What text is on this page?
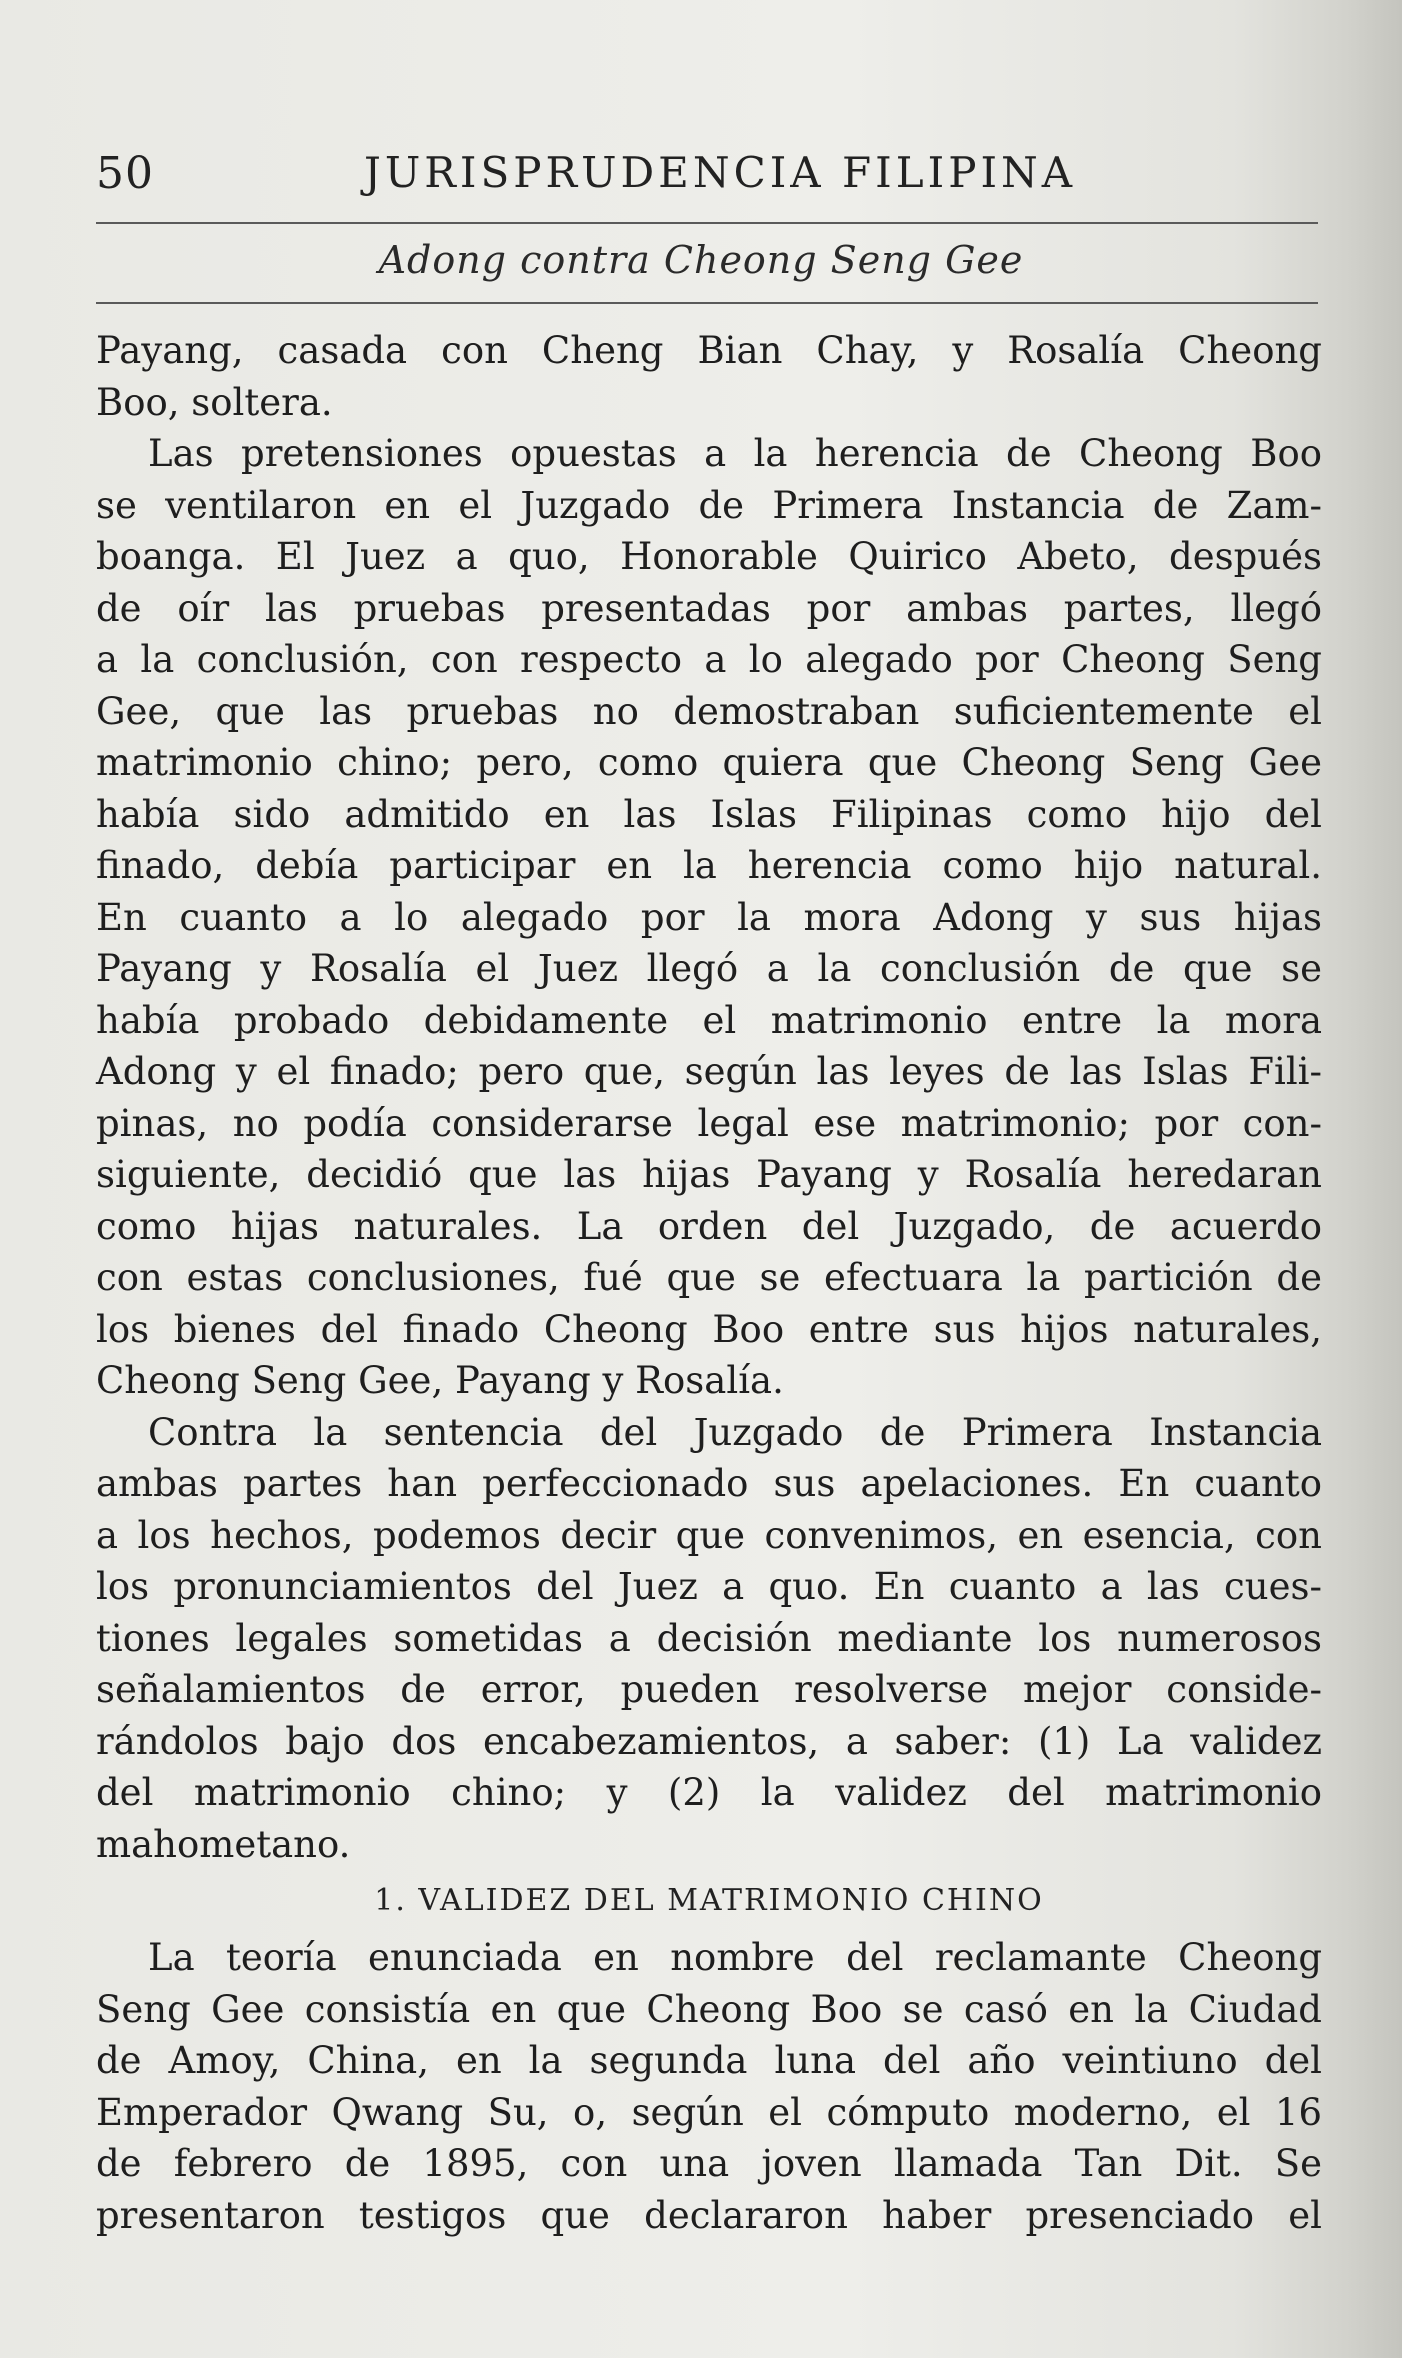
50	JURISPRUDENCIA FILIPINA
Adong contra Cheong Seng Gee
Payang, casada con Cheng Bian Chay, y Rosalía Cheong
Boo, soltera.
Las pretensiones opuestas a la herencia de Cheong Boo
se ventilaron en el Juzgado de Primera Instancia de Zam-
boanga. El Juez a quo, Honorable Quirico Abeto, después
de oír las pruebas presentadas por ambas partes, llegó
a la conclusión, con respecto a lo alegado por Cheong Seng
Gee, que las pruebas no demostraban suficientemente el
matrimonio chino; pero, como quiera que Cheong Seng Gee
había sido admitido en las Islas Filipinas como hijo del
finado, debía participar en la herencia como hijo natural.
En cuanto a lo alegado por la mora Adong y sus hijas
Payang y Rosalía el Juez llegó a la conclusión de que se
había probado debidamente el matrimonio entre la mora
Adong y el finado; pero que, según las leyes de las Islas Fili-
pinas, no podía considerarse legal ese matrimonio; por con-
siguiente, decidió que las hijas Payang y Rosalía heredaran
como hijas naturales. La orden del Juzgado, de acuerdo
con estas conclusiones, fué que se efectuara la partición de
los bienes del finado Cheong Boo entre sus hijos naturales,
Cheong Seng Gee, Payang y Rosalía.
Contra la sentencia del Juzgado de Primera Instancia
ambas partes han perfeccionado sus apelaciones. En cuanto
a los hechos, podemos decir que convenimos, en esencia, con
los pronunciamientos del Juez a quo. En cuanto a las cues-
tiones legales sometidas a decisión mediante los numerosos
señalamientos de error, pueden resolverse mejor conside-
rándolos bajo dos encabezamientos, a saber: (1) La validez
del matrimonio chino; y (2) la validez del matrimonio
mahometano.
1. VALIDEZ DEL MATRIMONIO CHINO
La teoría enunciada en nombre del reclamante Cheong
Seng Gee consistía en que Cheong Boo se casó en la Ciudad
de Amoy, China, en la segunda luna del año veintiuno del
Emperador Qwang Su, o, según el cómputo moderno, el 16
de febrero de 1895, con una joven llamada Tan Dit. Se
presentaron testigos que declararon haber presenciado el
